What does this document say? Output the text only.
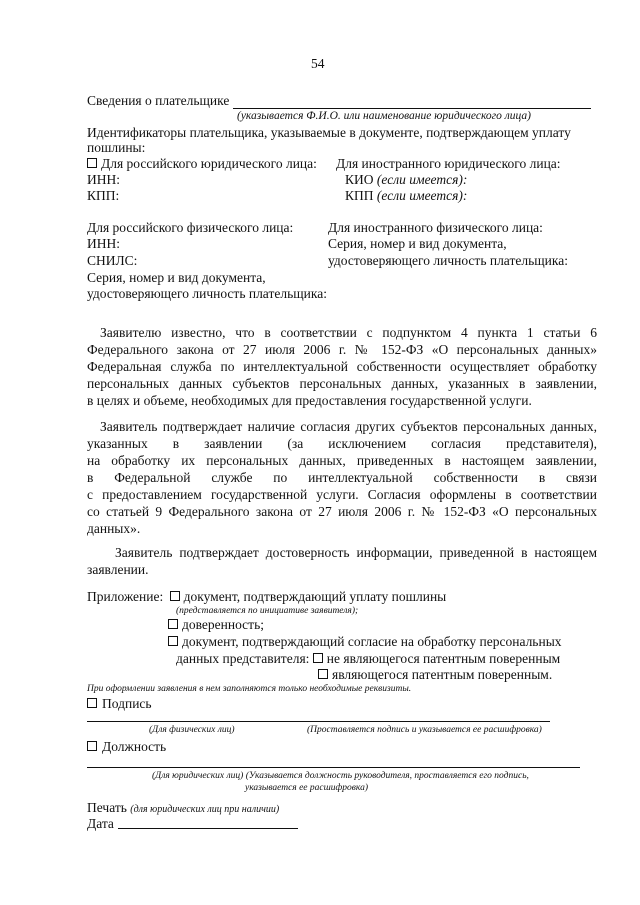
54
Сведения о плательщике
(указывается Ф.И.О. или наименование юридического лица)
Идентификаторы плательщика, указываемые в документе, подтверждающем уплату
пошлины:
Для российского юридического лица:
ИНН:
КПП:
Для иностранного юридического лица:
КИО (если имеется):
КПП (если имеется):
Для российского физического лица:
ИНН:
СНИЛС:
Серия, номер и вид документа,
удостоверяющего личность плательщика:
Для иностранного физического лица:
Серия, номер и вид документа,
удостоверяющего личность плательщика:
Заявителю известно, что в соответствии с подпунктом 4 пункта 1 статьи 6
Федерального закона от 27 июля 2006 г. № 152-ФЗ «О персональных данных»
Федеральная служба по интеллектуальной собственности осуществляет обработку
персональных данных субъектов персональных данных, указанных в заявлении,
в целях и объеме, необходимых для предоставления государственной услуги.
Заявитель подтверждает наличие согласия других субъектов персональных данных,
указанных в заявлении (за исключением согласия представителя),
на обработку их персональных данных, приведенных в настоящем заявлении,
в Федеральной службе по интеллектуальной собственности в связи
с предоставлением государственной услуги. Согласия оформлены в соответствии
со статьей 9 Федерального закона от 27 июля 2006 г. № 152-ФЗ «О персональных
данных».
Заявитель подтверждает достоверность информации, приведенной в настоящем
заявлении.
Приложение: документ, подтверждающий уплату пошлины
(представляется по инициативе заявителя);
доверенность;
документ, подтверждающий согласие на обработку персональных
данных представителя: не являющегося патентным поверенным
являющегося патентным поверенным.
При оформлении заявления в нем заполняются только необходимые реквизиты.
Подпись
(Для физических лиц)	(Проставляется подпись и указывается ее расшифровка)
Должность
(Для юридических лиц) (Указывается должность руководителя, проставляется его подпись,
указывается ее расшифровка)
Печать (для юридических лиц при наличии)
Дата
